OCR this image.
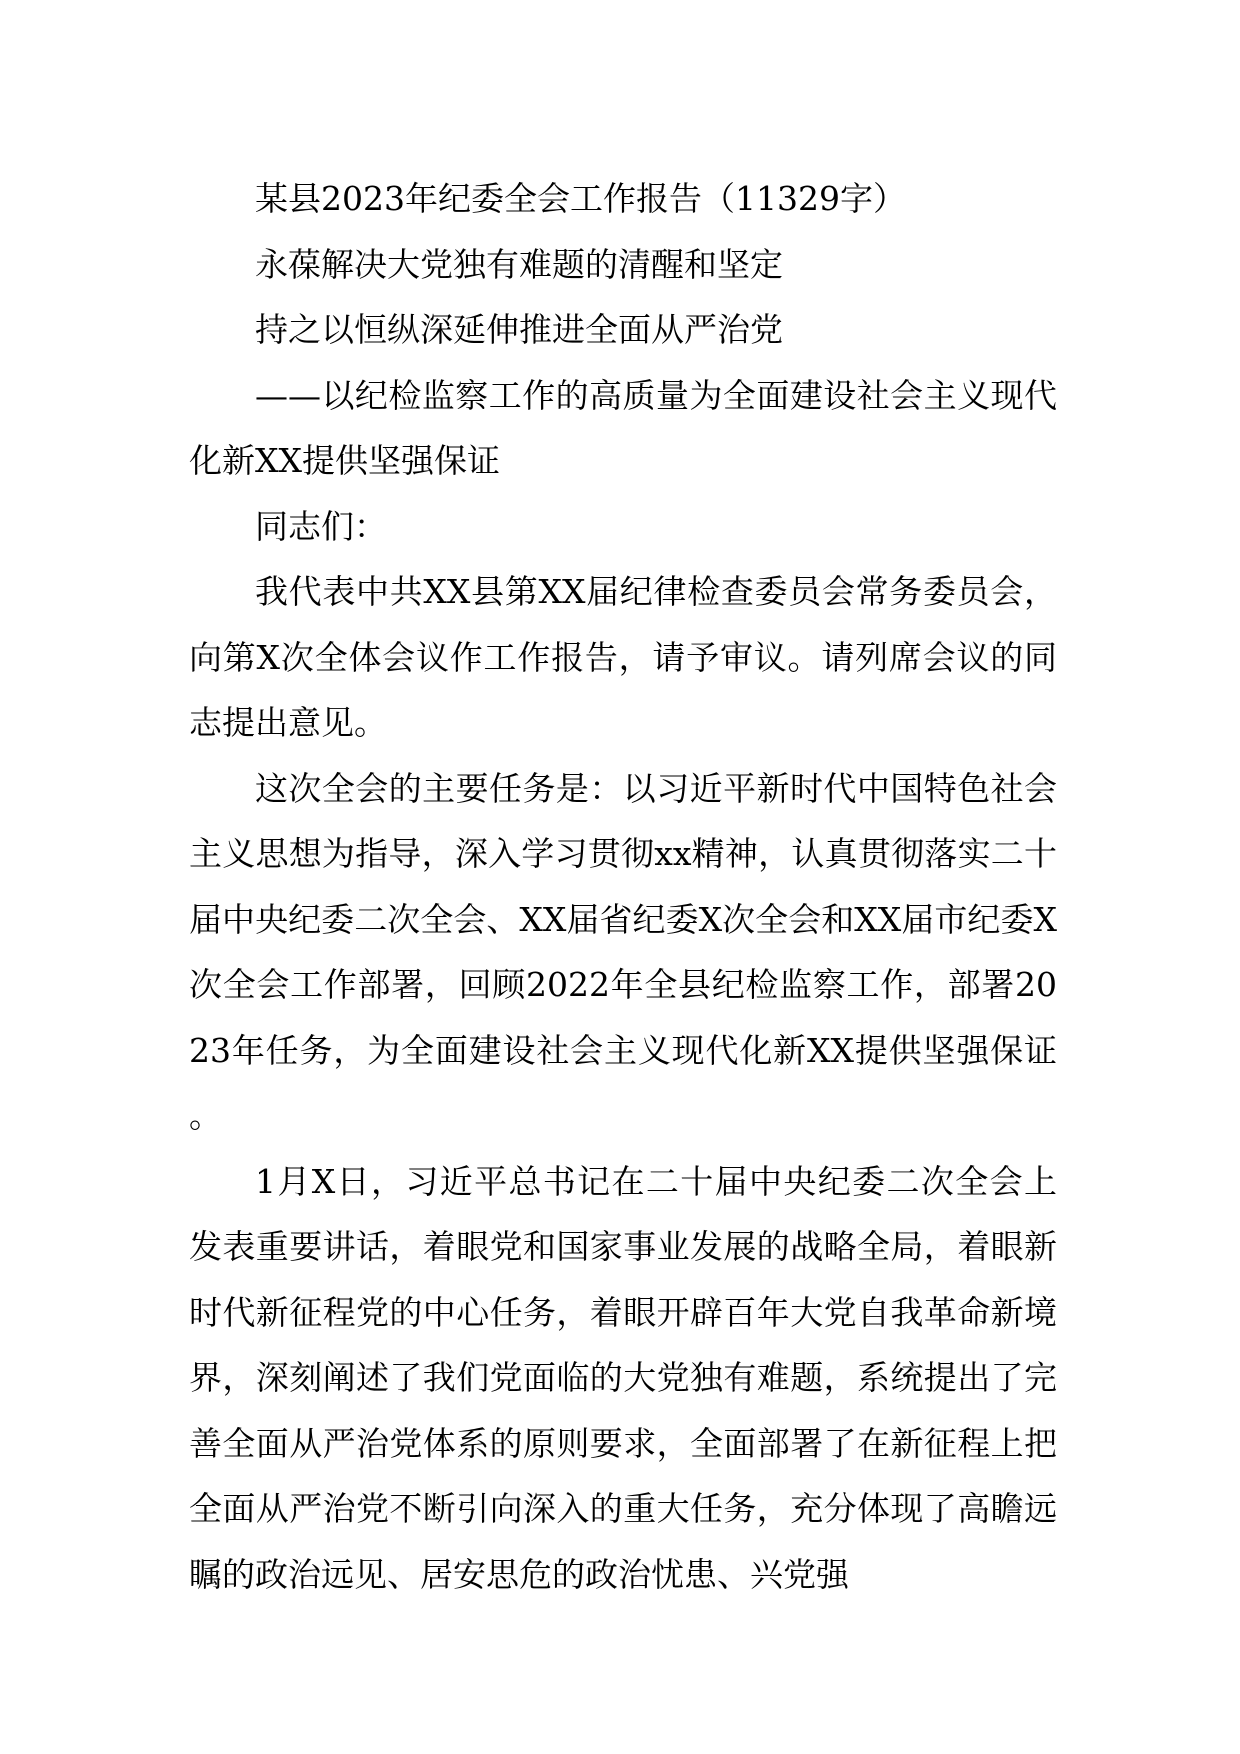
某县2023年纪委全会工作报告（11329字）

永葆解决大党独有难题的清醒和坚定

持之以恒纵深延伸推进全面从严治党

——以纪检监察工作的高质量为全面建设社会主义现代化新XX提供坚强保证

同志们：

我代表中共XX县第XX届纪律检查委员会常务委员会，向第X次全体会议作工作报告，请予审议。请列席会议的同志提出意见。

这次全会的主要任务是：以习近平新时代中国特色社会主义思想为指导，深入学习贯彻xx精神，认真贯彻落实二十届中央纪委二次全会、XX届省纪委X次全会和XX届市纪委X次全会工作部署，回顾2022年全县纪检监察工作，部署2023年任务，为全面建设社会主义现代化新XX提供坚强保证。

1月X日，习近平总书记在二十届中央纪委二次全会上发表重要讲话，着眼党和国家事业发展的战略全局，着眼新时代新征程党的中心任务，着眼开辟百年大党自我革命新境界，深刻阐述了我们党面临的大党独有难题，系统提出了完善全面从严治党体系的原则要求，全面部署了在新征程上把全面从严治党不断引向深入的重大任务，充分体现了高瞻远瞩的政治远见、居安思危的政治忧患、兴党强
